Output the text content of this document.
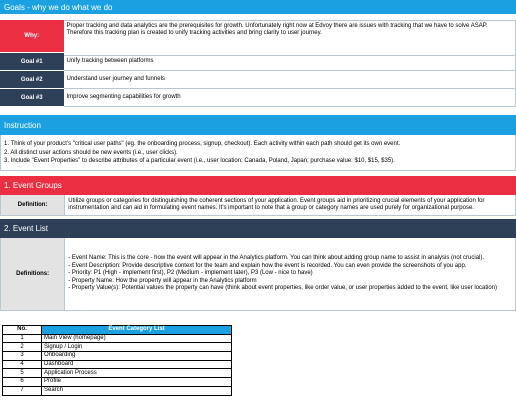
Goals - why we do what we do
Why:
Proper tracking and data analytics are the prerequisites for growth. Unfortunately right now at Edvoy there are issues with tracking that we have to solve ASAP. Therefore this tracking plan is created to unify tracking activities and bring clarity to user journey.
Goal #1	Unify tracking between platforms
Goal #2	Understand user journey and funnels
Goal #3	Improve segmenting capabilities for growth
Instruction
1. Think of your product's "critical user paths" (eg. the onboarding process, signup, checkout). Each activity within each path should get its own event.
2. All distinct user actions should be new events (i.e., user clicks).
3. Include "Event Properties" to describe attributes of a particular event (i.e., user location: Canada, Poland, Japan; purchase value: $10, $15, $35).
1. Event Groups
Definition:
Utilize groups or categories for distinguishing the coherent sections of your application. Event groups aid in prioritizing crucial elements of your application for instrumentation and can aid in formulating event names. It's important to note that a group or category names are used purely for organizational purpose.
2. Event List
Definitions:
- Event Name: This is the core - how the event will appear in the Analytics platform. You can think about adding group name to assist in analysis (not crucial).
- Event Description: Provide descriptive context for the team and explain how the event is recorded. You can even provide the screenshots of you app.
- Priority: P1 (High - implement first), P2 (Medium - implement later), P3 (Low - nice to have)
- Property Name: How the property will appear in the Analytics platform
- Property Value(s): Potential values the property can have (think about event properties, like order value, or user properties added to the event, like user location)
No.	Event Category List
1	Main View (homepage)
2	Signup / Login
3	Onboarding
4	Dashboard
5	Application Process
6	Profile
7	Search
